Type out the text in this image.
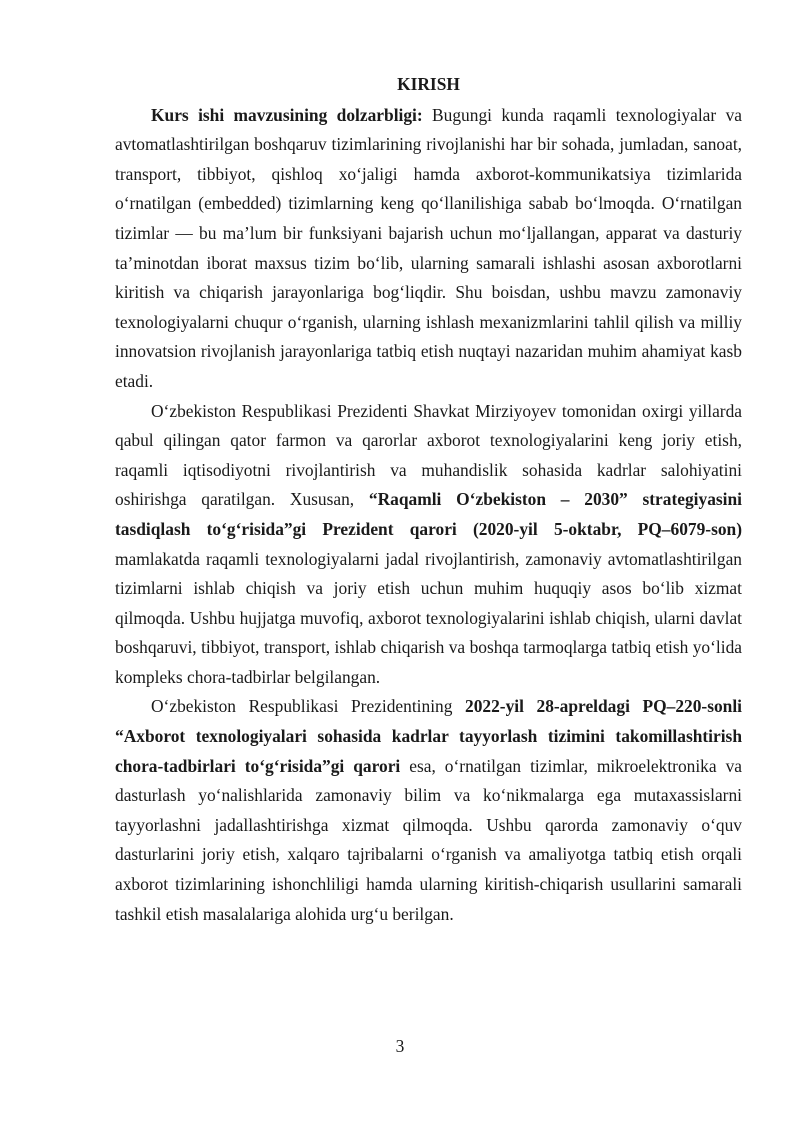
KIRISH

Kurs ishi mavzusining dolzarbligi: Bugungi kunda raqamli texnologiyalar va avtomatlashtirilgan boshqaruv tizimlarining rivojlanishi har bir sohada, jumladan, sanoat, transport, tibbiyot, qishloq xo‘jaligi hamda axborot-kommunikatsiya tizimlarida o‘rnatilgan (embedded) tizimlarning keng qo‘llanilishiga sabab bo‘lmoqda. O‘rnatilgan tizimlar — bu ma’lum bir funksiyani bajarish uchun mo‘ljallangan, apparat va dasturiy ta’minotdan iborat maxsus tizim bo‘lib, ularning samarali ishlashi asosan axborotlarni kiritish va chiqarish jarayonlariga bog‘liqdir. Shu boisdan, ushbu mavzu zamonaviy texnologiyalarni chuqur o‘rganish, ularning ishlash mexanizmlarini tahlil qilish va milliy innovatsion rivojlanish jarayonlariga tatbiq etish nuqtayi nazaridan muhim ahamiyat kasb etadi.

O‘zbekiston Respublikasi Prezidenti Shavkat Mirziyoyev tomonidan oxirgi yillarda qabul qilingan qator farmon va qarorlar axborot texnologiyalarini keng joriy etish, raqamli iqtisodiyotni rivojlantirish va muhandislik sohasida kadrlar salohiyatini oshirishga qaratilgan. Xususan, “Raqamli O‘zbekiston – 2030” strategiyasini tasdiqlash to‘g‘risida”gi Prezident qarori (2020-yil 5-oktabr, PQ–6079-son) mamlakatda raqamli texnologiyalarni jadal rivojlantirish, zamonaviy avtomatlashtirilgan tizimlarni ishlab chiqish va joriy etish uchun muhim huquqiy asos bo‘lib xizmat qilmoqda. Ushbu hujjatga muvofiq, axborot texnologiyalarini ishlab chiqish, ularni davlat boshqaruvi, tibbiyot, transport, ishlab chiqarish va boshqa tarmoqlarga tatbiq etish yo‘lida kompleks chora-tadbirlar belgilangan.

O‘zbekiston Respublikasi Prezidentining 2022-yil 28-apreldagi PQ–220-sonli “Axborot texnologiyalari sohasida kadrlar tayyorlash tizimini takomillashtirish chora-tadbirlari to‘g‘risida”gi qarori esa, o‘rnatilgan tizimlar, mikroelektronika va dasturlash yo‘nalishlarida zamonaviy bilim va ko‘nikmalarga ega mutaxassislarni tayyorlashni jadallashtirishga xizmat qilmoqda. Ushbu qarorda zamonaviy o‘quv dasturlarini joriy etish, xalqaro tajribalarni o‘rganish va amaliyotga tatbiq etish orqali axborot tizimlarining ishonchliligi hamda ularning kiritish-chiqarish usullarini samarali tashkil etish masalalariga alohida urg‘u berilgan.

3
